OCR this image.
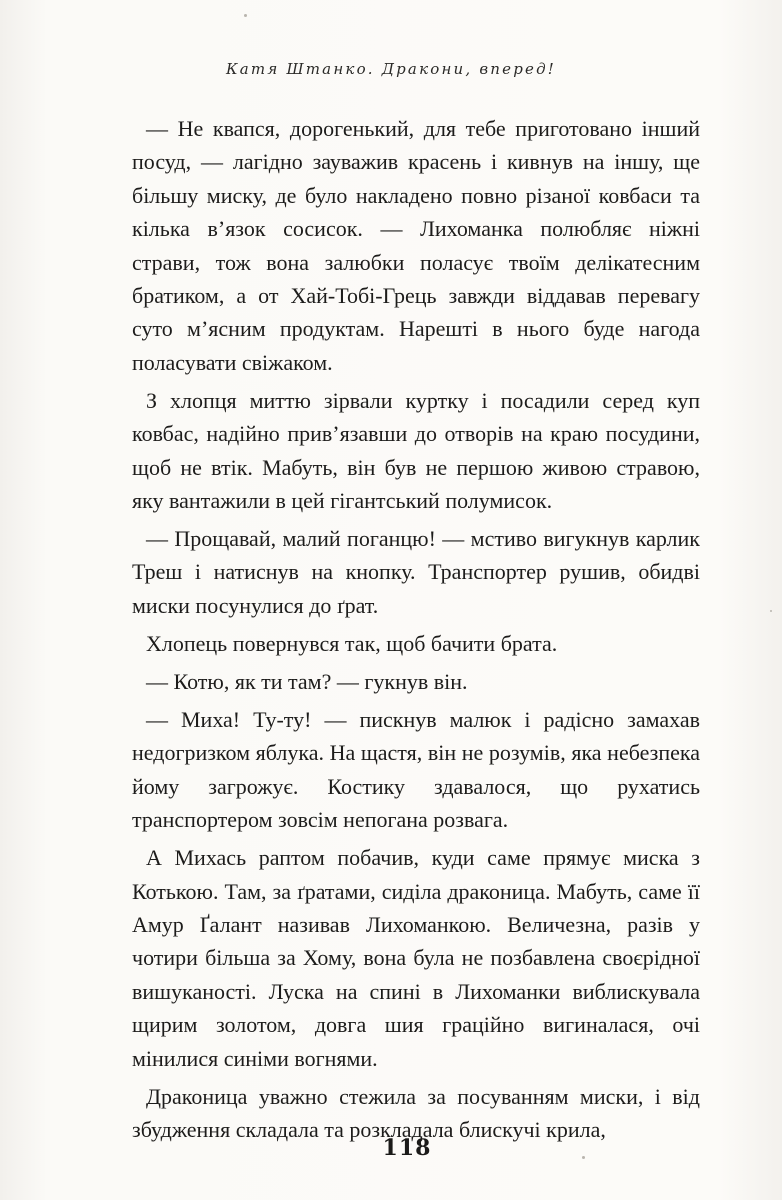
Катя Штанко. Дракони, вперед!

— Не квапся, дорогенький, для тебе приготовано інший посуд, — лагідно зауважив красень і кивнув на іншу, ще більшу миску, де було накладено повно різаної ковбаси та кілька в’язок сосисок. — Лихоманка полюбляє ніжні страви, тож вона залюбки поласує твоїм делікатесним братиком, а от Хай-Тобі-Грець завжди віддавав перевагу суто м’ясним продуктам. Нарешті в нього буде нагода поласувати свіжаком.

З хлопця миттю зірвали куртку і посадили серед куп ковбас, надійно прив’язавши до отворів на краю посудини, щоб не втік. Мабуть, він був не першою живою стравою, яку вантажили в цей гігантський полумисок.

— Прощавай, малий поганцю! — мстиво вигукнув карлик Треш і натиснув на кнопку. Транспортер рушив, обидві миски посунулися до ґрат.

Хлопець повернувся так, щоб бачити брата.

— Котю, як ти там? — гукнув він.

— Миха! Ту-ту! — пискнув малюк і радісно замахав недогризком яблука. На щастя, він не розумів, яка небезпека йому загрожує. Костику здавалося, що рухатись транспортером зовсім непогана розвага.

А Михась раптом побачив, куди саме прямує миска з Котькою. Там, за ґратами, сиділа драконица. Мабуть, саме її Амур Ґалант називав Лихоманкою. Величезна, разів у чотири більша за Хому, вона була не позбавлена своєрідної вишуканості. Луска на спині в Лихоманки виблискувала щирим золотом, довга шия граційно вигиналася, очі мінилися синіми вогнями.

Драконица уважно стежила за посуванням миски, і від збудження складала та розкладала блискучі крила,

118
